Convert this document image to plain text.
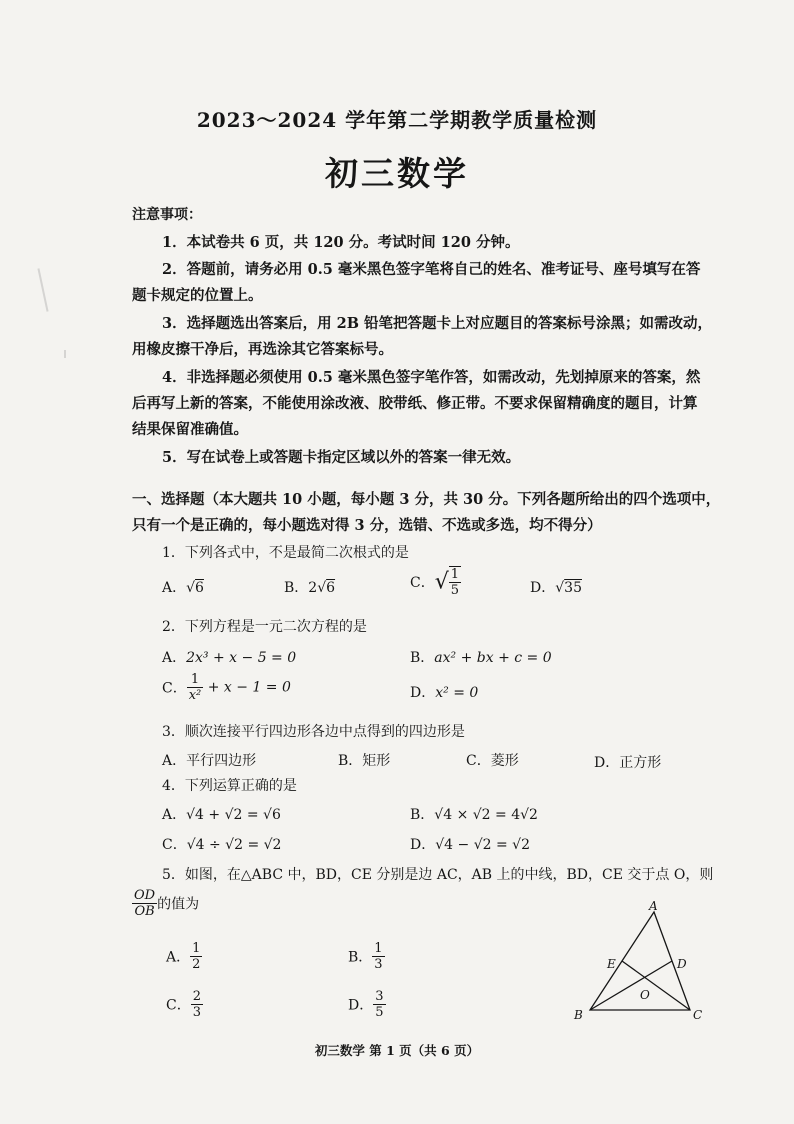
2023～2024 学年第二学期教学质量检测
初三数学
注意事项：
1．本试卷共 6 页，共 120 分。考试时间 120 分钟。
2．答题前，请务必用 0.5 毫米黑色签字笔将自己的姓名、准考证号、座号填写在答
题卡规定的位置上。
3．选择题选出答案后，用 2B 铅笔把答题卡上对应题目的答案标号涂黑；如需改动，
用橡皮擦干净后，再选涂其它答案标号。
4．非选择题必须使用 0.5 毫米黑色签字笔作答，如需改动，先划掉原来的答案，然
后再写上新的答案，不能使用涂改液、胶带纸、修正带。不要求保留精确度的题目，计算
结果保留准确值。
5．写在试卷上或答题卡指定区域以外的答案一律无效。
一、选择题（本大题共 10 小题，每小题 3 分，共 30 分。下列各题所给出的四个选项中，
只有一个是正确的，每小题选对得 3 分，选错、不选或多选，均不得分）
1．下列各式中，不是最简二次根式的是
A．√6	B．2√6	C．√ $\frac{1}{5}$	D．√35
2．下列方程是一元二次方程的是
A．2x³ + x − 5 = 0	B．ax² + bx + c = 0
C． $\frac{1}{\text{x²}} + x - 1 = 0$	D．x² = 0
3．顺次连接平行四边形各边中点得到的四边形是
A．平行四边形	B．矩形	C．菱形	D．正方形
4．下列运算正确的是
A．√4 + √2 = √6	B．√4 × √2 = 4√2
C．√4 ÷ √2 = √2	D．√4 − √2 = √2
5．如图，在△ABC 中，BD，CE 分别是边 AC，AB 上的中线，BD，CE 交于点 O，则
$\frac{OD}{OB}$ 的值为
A． $\frac{1}{2}$	B． $\frac{1}{3}$
C． $\frac{2}{3}$	D． $\frac{3}{5}$
A
B	C
D
E
O
初三数学 第 1 页（共 6 页）
